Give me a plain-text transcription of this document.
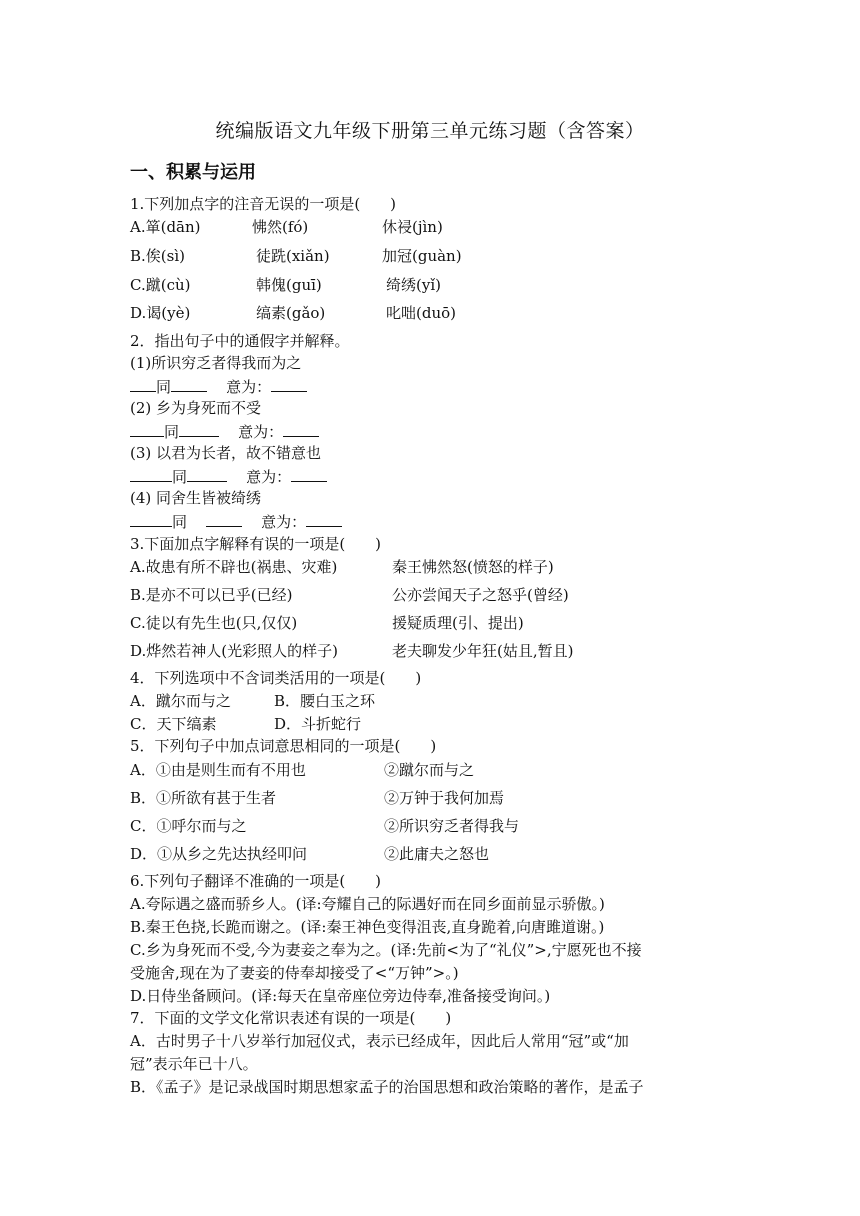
统编版语文九年级下册第三单元练习题（含答案）
一、积累与运用
1.下列加点字的注音无误的一项是(　　)
A.箪(dān)	怫然(fó)	休祲(jìn)
B.俟(sì)	徒跣(xiǎn)	加冠(guàn)
C.蹴(cù)	韩傀(guī)	绮绣(yǐ)
D.谒(yè)	缟素(gǎo)	叱咄(duō)
2．指出句子中的通假字并解释。
(1)所识穷乏者得我而为之
同	意为：
(2) 乡为身死而不受
同	意为：
(3) 以君为长者，故不错意也
同	意为：
(4) 同舍生皆被绮绣
同	意为：
3.下面加点字解释有误的一项是(　　)
A.故患有所不辟也(祸患、灾难)	秦王怫然怒(愤怒的样子)
B.是亦不可以已乎(已经)	公亦尝闻天子之怒乎(曾经)
C.徒以有先生也(只,仅仅)	援疑质理(引、提出)
D.烨然若神人(光彩照人的样子)	老夫聊发少年狂(姑且,暂且)
4．下列选项中不含词类活用的一项是(　　)
A．蹴尔而与之	B．腰白玉之环
C．天下缟素	D．斗折蛇行
5．下列句子中加点词意思相同的一项是(　　)
A．①由是则生而有不用也	②蹴尔而与之
B．①所欲有甚于生者	②万钟于我何加焉
C．①呼尔而与之	②所识穷乏者得我与
D．①从乡之先达执经叩问	②此庸夫之怒也
6.下列句子翻译不准确的一项是(　　)
A.夸际遇之盛而骄乡人。(译:夸耀自己的际遇好而在同乡面前显示骄傲。)
B.秦王色挠,长跪而谢之。(译:秦王神色变得沮丧,直身跪着,向唐雎道谢。)
C.乡为身死而不受,今为妻妾之奉为之。(译:先前<为了“礼仪”>,宁愿死也不接
受施舍,现在为了妻妾的侍奉却接受了<“万钟”>。)
D.日侍坐备顾问。(译:每天在皇帝座位旁边侍奉,准备接受询问。)
7．下面的文学文化常识表述有误的一项是(　　)
A．古时男子十八岁举行加冠仪式，表示已经成年，因此后人常用“冠”或“加
冠”表示年已十八。
B．《孟子》是记录战国时期思想家孟子的治国思想和政治策略的著作，是孟子
